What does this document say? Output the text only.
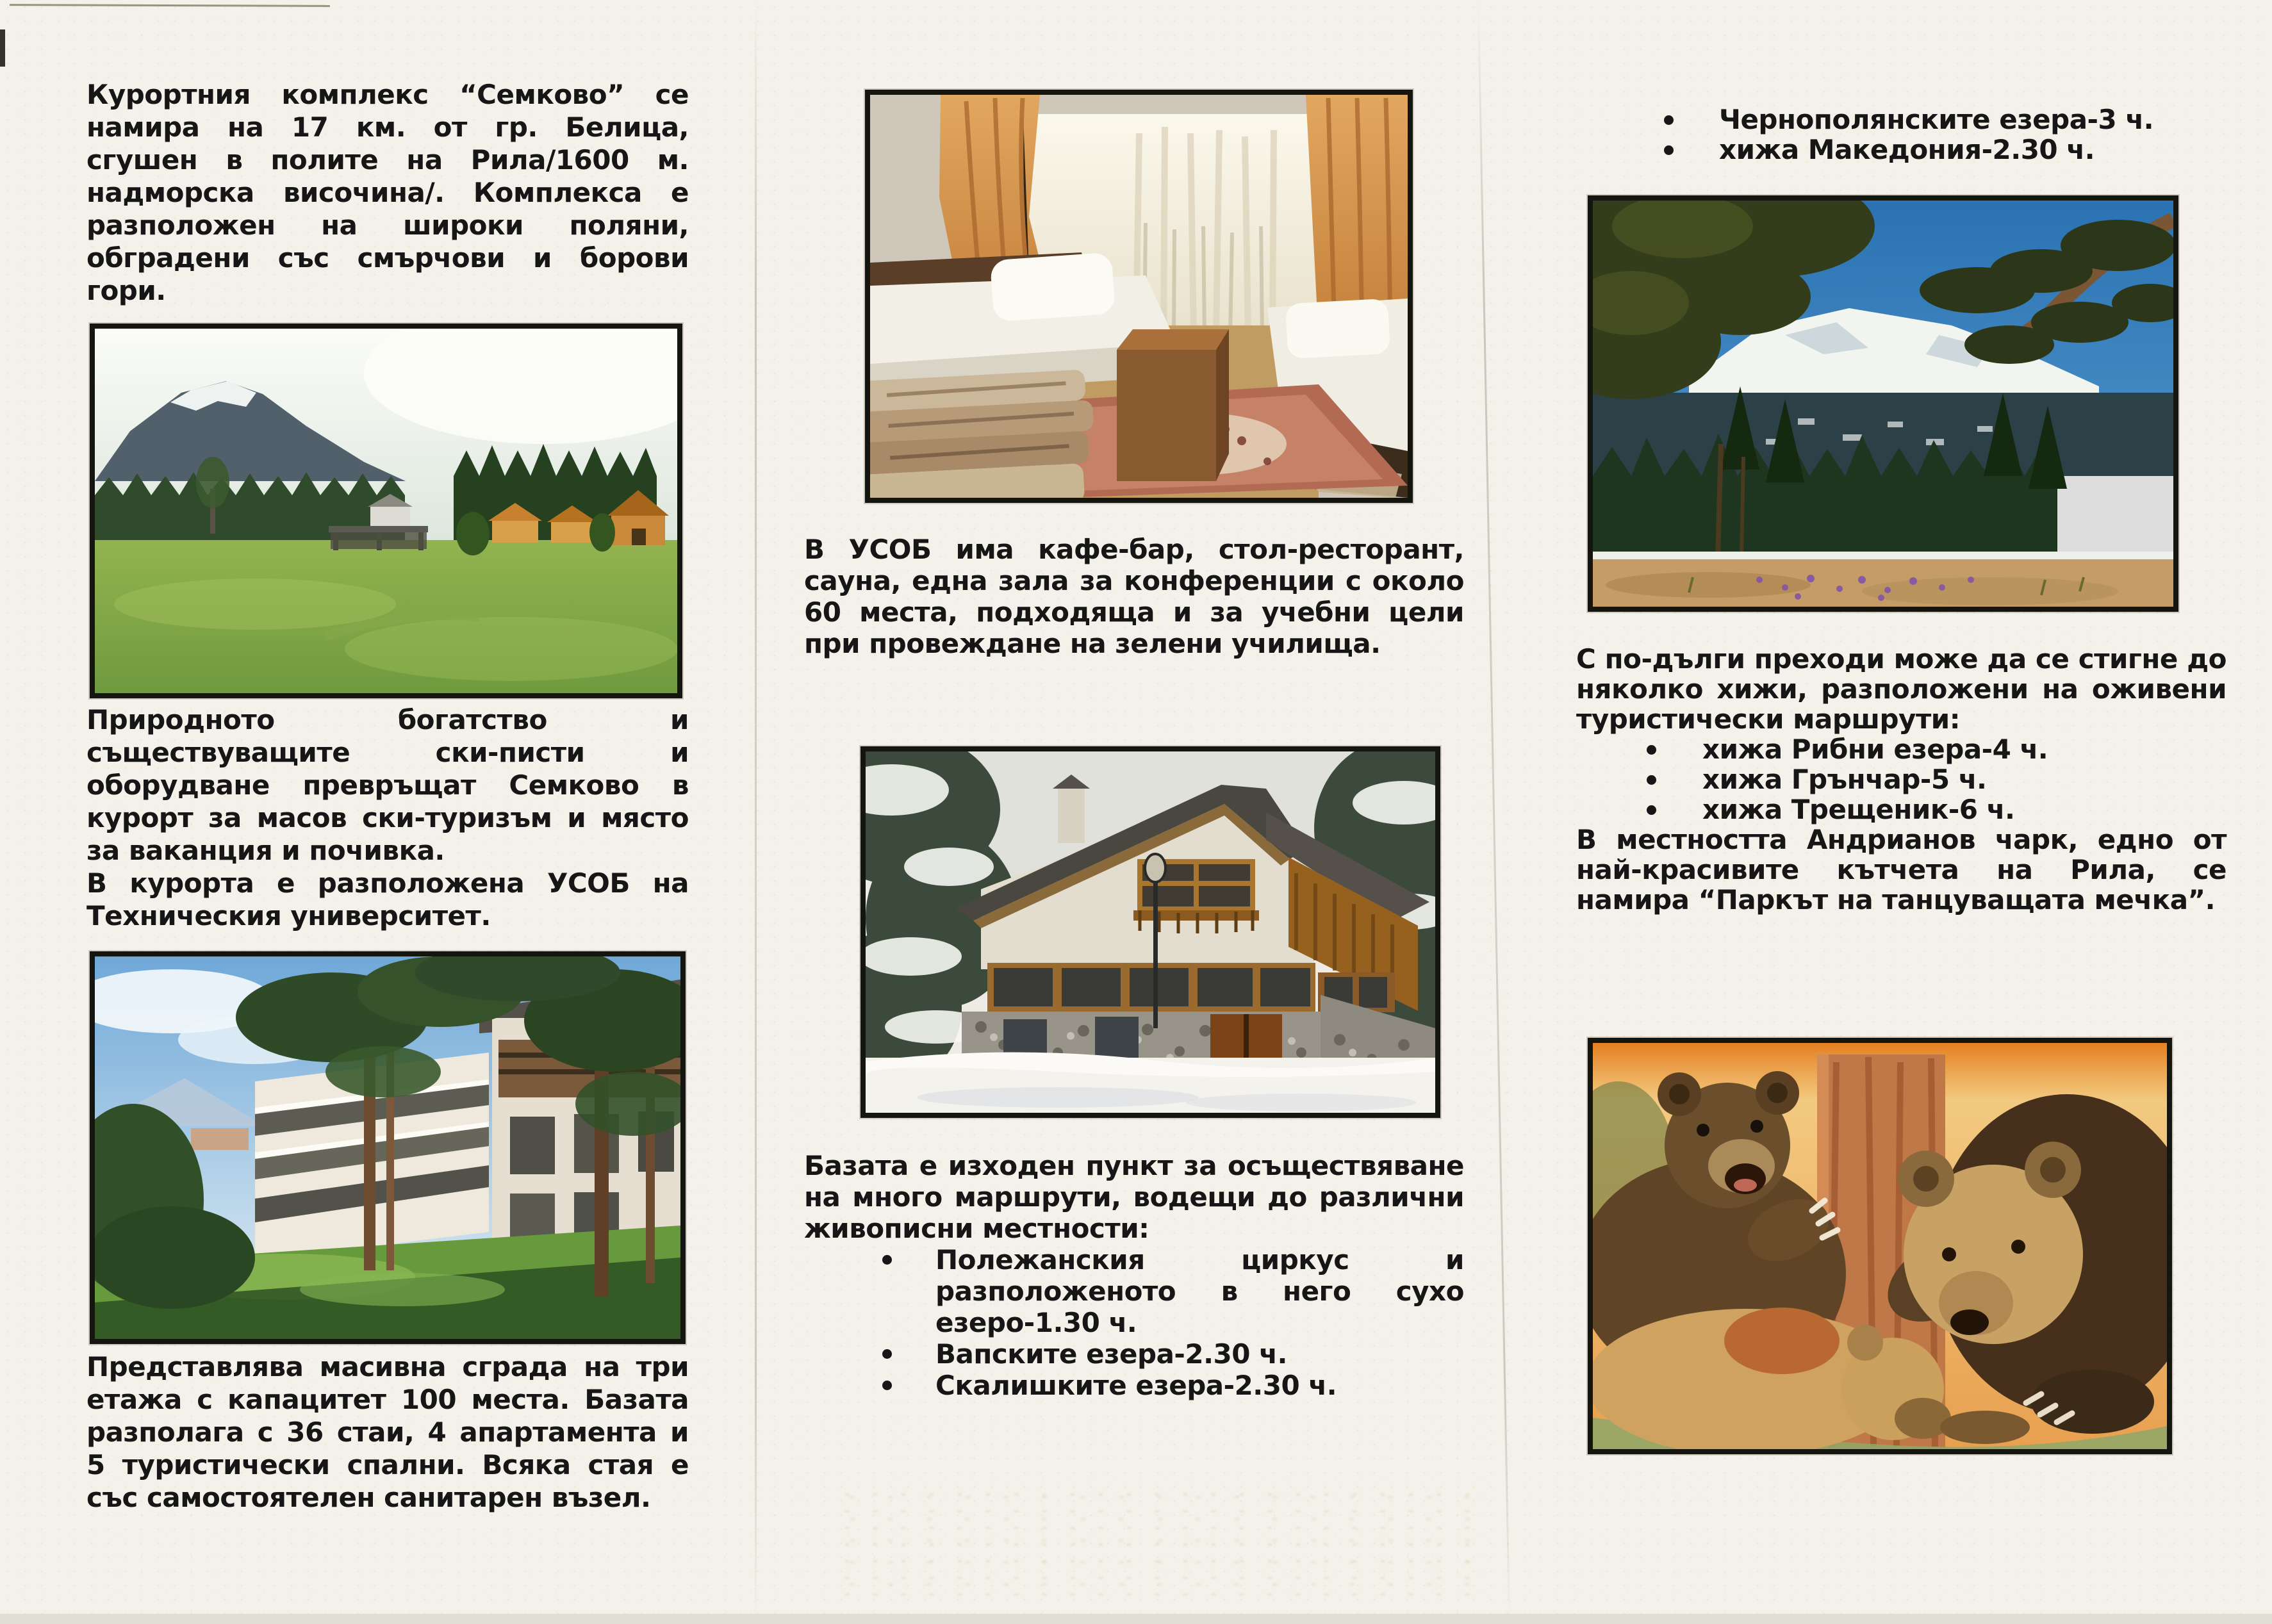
Курортния комплекс “Семково” се намира на 17 км. от гр. Белица, сгушен в полите на Рила/1600 м. надморска височина/. Комплекса е разположен на широки поляни, обградени със смърчови и борови гори.

Природното богатство и съществуващите ски-писти и оборудване превръщат Семково в курорт за масов ски-туризъм и място за ваканция и почивка.

В курорта е разположена УСОБ на Техническия университет.

Представлява масивна сграда на три етажа с капацитет 100 места. Базата разполага с 36 стаи, 4 апартамента и 5 туристически спални. Всяка стая е със самостоятелен санитарен възел.

В УСОБ има кафе-бар, стол-ресторант, сауна, една зала за конференции с около 60 места, подходяща и за учебни цели при провеждане на зелени училища.

Базата е изходен пункт за осъществяване на много маршрути, водещи до различни живописни местности:

Полежанския циркус и разположеното в него сухо езеро-1.30 ч.
Вапските езера-2.30 ч.
Скалишките езера-2.30 ч.
Чернополянските езера-3 ч.
хижа Македония-2.30 ч.

С по-дълги преходи може да се стигне до няколко хижи, разположени на оживени туристически маршрути:

хижа Рибни езера-4 ч.
хижа Грънчар-5 ч.
хижа Трещеник-6 ч.

В местността Андрианов чарк, едно от най-красивите кътчета на Рила, се намира “Паркът на танцуващата мечка”.
